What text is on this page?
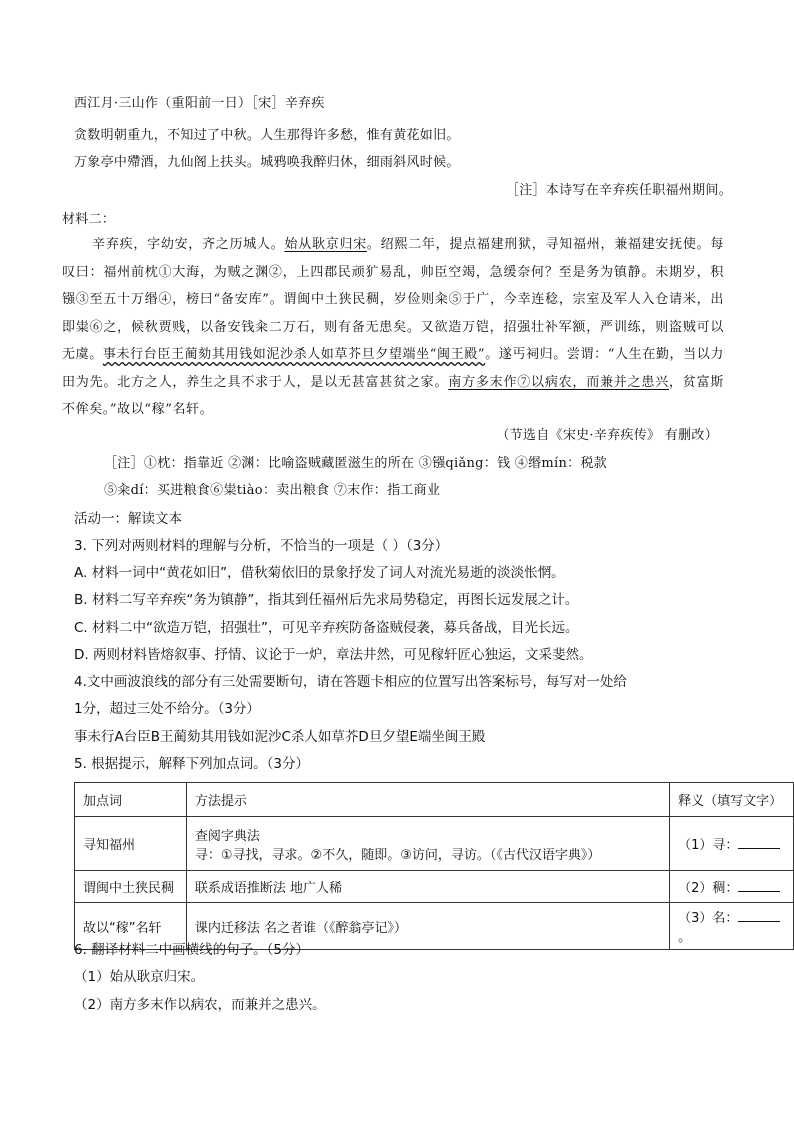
西江月·三山作（重阳前一日）［宋］辛弃疾
贪数明朝重九，不知过了中秋。人生那得许多愁，惟有黄花如旧。
万象亭中殢酒，九仙阁上扶头。城鸦唤我醉归休，细雨斜风时候。
［注］本诗写在辛弃疾任职福州期间。
材料二：
辛弃疾，字幼安，齐之历城人。始从耿京归宋。绍熙二年，提点福建刑狱，寻知福州，兼福建安抚使。每叹曰：福州前枕①大海，为贼之渊②，上四郡民顽犷易乱，帅臣空竭，急缓奈何？至是务为镇静。未期岁，积镪③至五十万缗④，榜曰“备安库”。谓闽中土狭民稠，岁俭则籴⑤于广，今幸连稔，宗室及军人入仓请米，出即粜⑥之，候秋贾贱，以备安钱籴二万石，则有备无患矣。又欲造万铠，招强壮补军额，严训练，则盗贼可以无虞。事未行台臣王蔺劾其用钱如泥沙杀人如草芥旦夕望端坐“闽王殿”。遂丐祠归。尝谓：“人生在勤，当以力田为先。北方之人，养生之具不求于人，是以无甚富甚贫之家。南方多末作⑦以病农，而兼并之患兴，贫富斯不侔矣。”故以“稼”名轩。
（节选自《宋史·辛弃疾传》 有删改）
［注］①枕：指靠近 ②渊：比喻盗贼藏匿滋生的所在 ③镪qiǎng：钱 ④缗mín：税款
⑤籴dí：买进粮食⑥粜tiào：卖出粮食 ⑦末作：指工商业
活动一：解读文本
3. 下列对两则材料的理解与分析，不恰当的一项是（ ）（3分）
A. 材料一词中“黄花如旧”，借秋菊依旧的景象抒发了词人对流光易逝的淡淡怅惘。
B. 材料二写辛弃疾“务为镇静”，指其到任福州后先求局势稳定，再图长远发展之计。
C. 材料二中“欲造万铠，招强壮”，可见辛弃疾防备盗贼侵袭，募兵备战，目光长远。
D. 两则材料皆熔叙事、抒情、议论于一炉，章法井然，可见稼轩匠心独运，文采斐然。
4.文中画波浪线的部分有三处需要断句，请在答题卡相应的位置写出答案标号，每写对一处给
1分，超过三处不给分。（3分）
事未行A台臣B王蔺劾其用钱如泥沙C杀人如草芥D旦夕望E端坐闽王殿
5. 根据提示，解释下列加点词。（3分）
加点词	方法提示	释义（填写文字）
寻知福州	查阅字典法
寻：①寻找，寻求。②不久，随即。③访问，寻访。（《古代汉语字典》）	（1）寻：
谓闽中土狭民稠	联系成语推断法 地广人稀	（2）稠：
故以“稼”名轩	课内迁移法 名之者谁（《醉翁亭记》）	（3）名：。
6. 翻译材料二中画横线的句子。（5分）
（1）始从耿京归宋。
（2）南方多末作以病农，而兼并之患兴。
